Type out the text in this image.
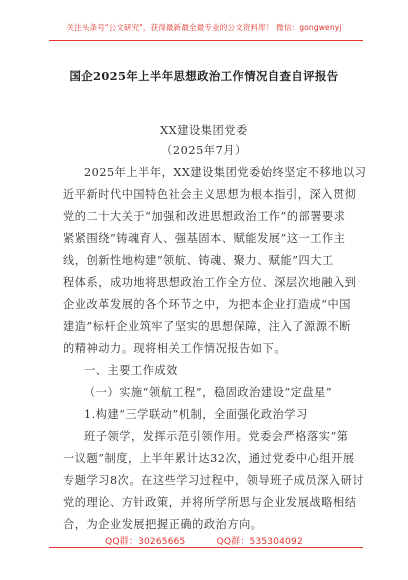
关注头条号"公文研究"，获得最新最全最专业的公文资料库！ 微信：gongwenyj
国企2025年上半年思想政治工作情况自查自评报告
XX建设集团党委
（2025年7月）
2025年上半年，XX建设集团党委始终坚定不移地以习
近平新时代中国特色社会主义思想为根本指引，深入贯彻
党的二十大关于“加强和改进思想政治工作”的部署要求
紧紧围绕“铸魂育人、强基固本、赋能发展”这一工作主
线，创新性地构建“领航、铸魂、聚力、赋能”四大工
程体系，成功地将思想政治工作全方位、深层次地融入到
企业改革发展的各个环节之中，为把本企业打造成“中国
建造”标杆企业筑牢了坚实的思想保障，注入了源源不断
的精神动力。现将相关工作情况报告如下。
一、主要工作成效
（一）实施“领航工程”，稳固政治建设“定盘星”
1.构建“三学联动”机制，全面强化政治学习
班子领学，发挥示范引领作用。党委会严格落实“第
一议题”制度，上半年累计达32次，通过党委中心组开展
专题学习8次。在这些学习过程中，领导班子成员深入研讨
党的理论、方针政策，并将所学所思与企业发展战略相结
合，为企业发展把握正确的政治方向。
QQ群：30265665	QQ群：535304092
